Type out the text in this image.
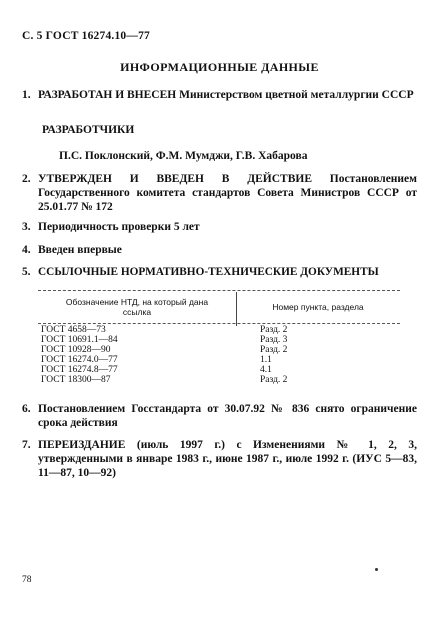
С. 5 ГОСТ 16274.10—77
ИНФОРМАЦИОННЫЕ ДАННЫЕ
1. РАЗРАБОТАН И ВНЕСЕН Министерством цветной металлургии СССР
РАЗРАБОТЧИКИ
П.С. Поклонский, Ф.М. Мумджи, Г.В. Хабарова
2. УТВЕРЖДЕН И ВВЕДЕН В ДЕЙСТВИЕ Постановлением Государственного комитета стандартов Совета Министров СССР от 25.01.77 № 172
3. Периодичность проверки 5 лет
4. Введен впервые
5. ССЫЛОЧНЫЕ НОРМАТИВНО-ТЕХНИЧЕСКИЕ ДОКУМЕНТЫ
Обозначение НТД, на который дана ссылка	Номер пункта, раздела
ГОСТ 4658—73	Разд. 2
ГОСТ 10691.1—84	Разд. 3
ГОСТ 10928—90	Разд. 2
ГОСТ 16274.0—77	1.1
ГОСТ 16274.8—77	4.1
ГОСТ 18300—87	Разд. 2
6. Постановлением Госстандарта от 30.07.92 № 836 снято ограничение срока действия
7. ПЕРЕИЗДАНИЕ (июль 1997 г.) с Изменениями № 1, 2, 3, утвержденными в январе 1983 г., июне 1987 г., июле 1992 г. (ИУС 5—83, 11—87, 10—92)
78
